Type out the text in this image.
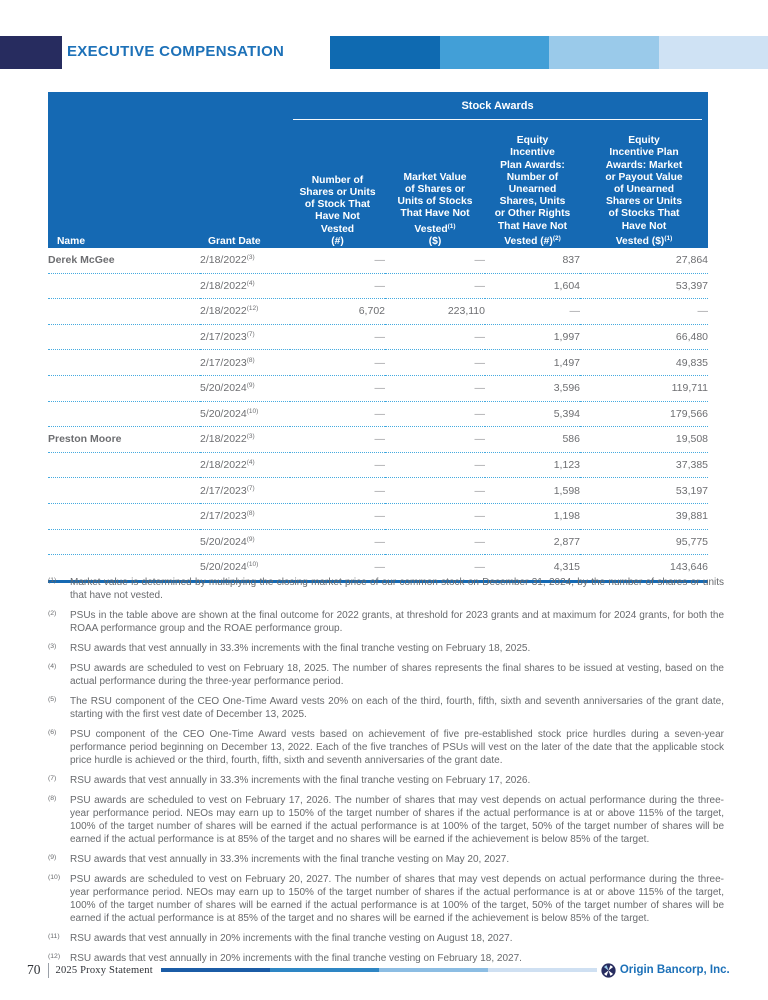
EXECUTIVE COMPENSATION

		Stock Awards			

Name	Grant Date	Number of
Shares or Units
of Stock That
Have Not
Vested
(#)	Market Value
of Shares or
Units of Stocks
That Have Not
Vested$^{(1)}$
($)	Equity
Incentive
Plan Awards:
Number of
Unearned
Shares, Units
or Other Rights
That Have Not
Vested (#)$^{(2)}$	Equity
Incentive Plan
Awards: Market
or Payout Value
of Unearned
Shares or Units
of Stocks That
Have Not
Vested ($)$^{(1)}$
Derek McGee	2/18/2022$^{(3)}$	—	—	837	27,864
	2/18/2022$^{(4)}$	—	—	1,604	53,397
	2/18/2022$^{(12)}$	6,702	223,110	—	—
	2/17/2023$^{(7)}$	—	—	1,997	66,480
	2/17/2023$^{(8)}$	—	—	1,497	49,835
	5/20/2024$^{(9)}$	—	—	3,596	119,711
	5/20/2024$^{(10)}$	—	—	5,394	179,566
Preston Moore	2/18/2022$^{(3)}$	—	—	586	19,508
	2/18/2022$^{(4)}$	—	—	1,123	37,385
	2/17/2023$^{(7)}$	—	—	1,598	53,197
	2/17/2023$^{(8)}$	—	—	1,198	39,881
	5/20/2024$^{(9)}$	—	—	2,877	95,775
	5/20/2024$^{(10)}$	—	—	4,315	143,646
(1) Market value is determined by multiplying the closing market price of our common stock on December 31, 2024, by the number of shares or units that have not vested.
(2) PSUs in the table above are shown at the final outcome for 2022 grants, at threshold for 2023 grants and at maximum for 2024 grants, for both the ROAA performance group and the ROAE performance group.
(3) RSU awards that vest annually in 33.3% increments with the final tranche vesting on February 18, 2025.
(4) PSU awards are scheduled to vest on February 18, 2025. The number of shares represents the final shares to be issued at vesting, based on the actual performance during the three-year performance period.
(5) The RSU component of the CEO One-Time Award vests 20% on each of the third, fourth, fifth, sixth and seventh anniversaries of the grant date, starting with the first vest date of December 13, 2025.
(6) PSU component of the CEO One-Time Award vests based on achievement of five pre-established stock price hurdles during a seven-year performance period beginning on December 13, 2022. Each of the five tranches of PSUs will vest on the later of the date that the applicable stock price hurdle is achieved or the third, fourth, fifth, sixth and seventh anniversaries of the grant date.
(7) RSU awards that vest annually in 33.3% increments with the final tranche vesting on February 17, 2026.
(8) PSU awards are scheduled to vest on February 17, 2026. The number of shares that may vest depends on actual performance during the three-year performance period. NEOs may earn up to 150% of the target number of shares if the actual performance is at or above 115% of the target, 100% of the target number of shares will be earned if the actual performance is at 100% of the target, 50% of the target number of shares will be earned if the actual performance is at 85% of the target and no shares will be earned if the achievement is below 85% of the target.
(9) RSU awards that vest annually in 33.3% increments with the final tranche vesting on May 20, 2027.
(10) PSU awards are scheduled to vest on February 20, 2027. The number of shares that may vest depends on actual performance during the three-year performance period. NEOs may earn up to 150% of the target number of shares if the actual performance is at or above 115% of the target, 100% of the target number of shares will be earned if the actual performance is at 100% of the target, 50% of the target number of shares will be earned if the actual performance is at 85% of the target and no shares will be earned if the achievement is below 85% of the target.
(11) RSU awards that vest annually in 20% increments with the final tranche vesting on August 18, 2027.
(12) RSU awards that vest annually in 20% increments with the final tranche vesting on February 18, 2027.
70 2025 Proxy Statement	Origin Bancorp, Inc.
